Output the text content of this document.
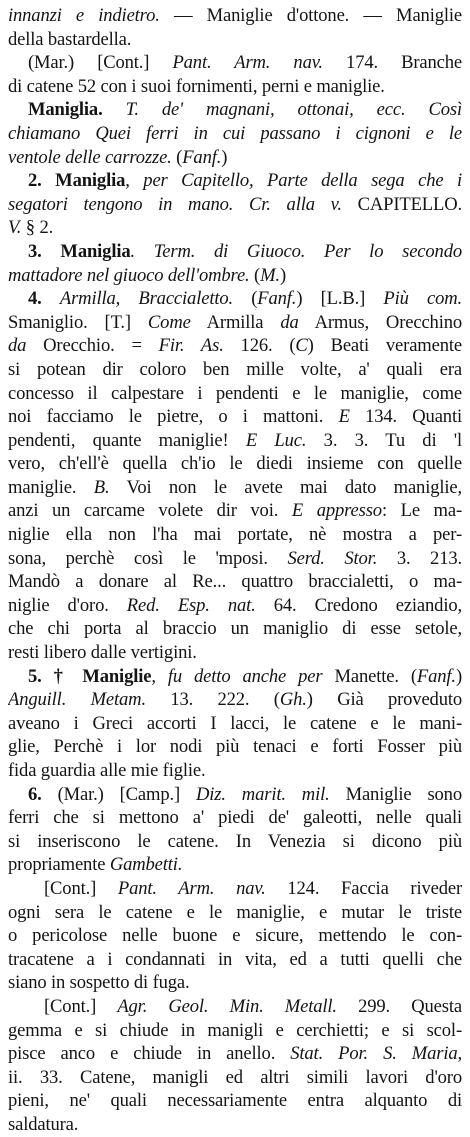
innanzi e indietro. — Maniglie d'ottone. — Maniglie
della bastardella.
(Mar.) [Cont.] Pant. Arm. nav. 174. Branche
di catene 52 con i suoi fornimenti, perni e maniglie.
Maniglia. T. de' magnani, ottonai, ecc. Così
chiamano Quei ferri in cui passano i cignoni e le
ventole delle carrozze. (Fanf.)
2. Maniglia, per Capitello, Parte della sega che i
segatori tengono in mano. Cr. alla v. CAPITELLO.
V. § 2.
3. Maniglia. Term. di Giuoco. Per lo secondo
mattadore nel giuoco dell'ombre. (M.)
4. Armilla, Braccialetto. (Fanf.) [L.B.] Più com.
Smaniglio. [T.] Come Armilla da Armus, Orecchino
da Orecchio. = Fir. As. 126. (C) Beati veramente
si potean dir coloro ben mille volte, a' quali era
concesso il calpestare i pendenti e le maniglie, come
noi facciamo le pietre, o i mattoni. E 134. Quanti
pendenti, quante maniglie! E Luc. 3. 3. Tu di 'l
vero, ch'ell'è quella ch'io le diedi insieme con quelle
maniglie. B. Voi non le avete mai dato maniglie,
anzi un carcame volete dir voi. E appresso: Le ma-
niglie ella non l'ha mai portate, nè mostra a per-
sona, perchè così le 'mposi. Serd. Stor. 3. 213.
Mandò a donare al Re... quattro braccialetti, o ma-
niglie d'oro. Red. Esp. nat. 64. Credono eziandio,
che chi porta al braccio un maniglio di esse setole,
resti libero dalle vertigini.
5. † Maniglie, fu detto anche per Manette. (Fanf.)
Anguill. Metam. 13. 222. (Gh.) Già proveduto
aveano i Greci accorti I lacci, le catene e le mani-
glie, Perchè i lor nodi più tenaci e forti Fosser più
fida guardia alle mie figlie.
6. (Mar.) [Camp.] Diz. marit. mil. Maniglie sono
ferri che si mettono a' piedi de' galeotti, nelle quali
si inseriscono le catene. In Venezia si dicono più
propriamente Gambetti.
[Cont.] Pant. Arm. nav. 124. Faccia riveder
ogni sera le catene e le maniglie, e mutar le triste
o pericolose nelle buone e sicure, mettendo le con-
tracatene a i condannati in vita, ed a tutti quelli che
siano in sospetto di fuga.
[Cont.] Agr. Geol. Min. Metall. 299. Questa
gemma e si chiude in manigli e cerchietti; e si scol-
pisce anco e chiude in anello. Stat. Por. S. Maria,
ii. 33. Catene, manigli ed altri simili lavori d'oro
pieni, ne' quali necessariamente entra alquanto di
saldatura.
